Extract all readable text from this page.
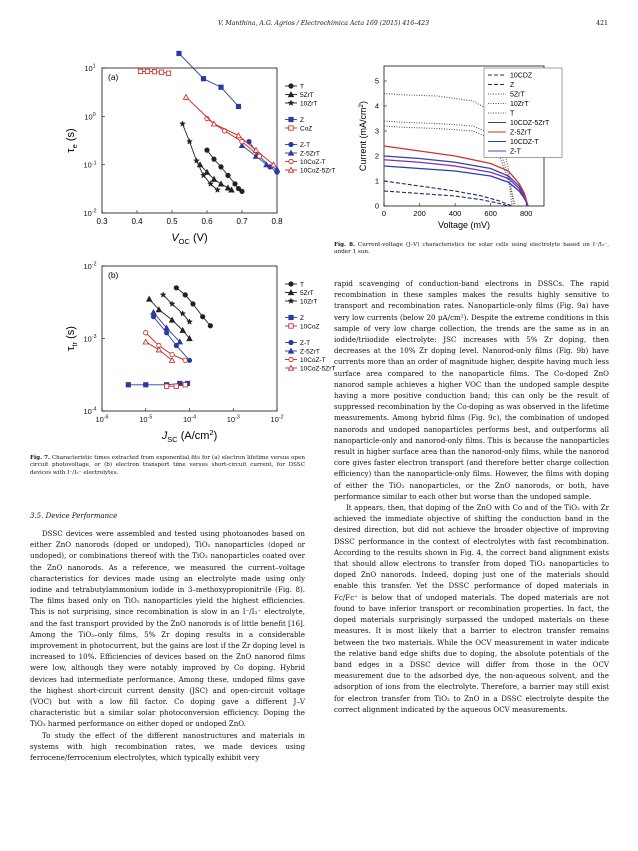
V. Manthina, A.G. Agrios / Electrochimica Acta 169 (2015) 416–423	421
0.3	0.4	0.5	0.6	0.7	0.8
$10^{-2}$
$10^{-1}$
$10^0$
$10^1$
$V_{OC}$ (V)
$\tau_e$ (s)
(a)
T
5ZrT
10ZrT
Z
CoZ
Z-T
Z-5ZrT
10CoZ-T
10CoZ-5ZrT
$10^{-6}$	$10^{-5}$	$10^{-4}$	$10^{-3}$	$10^{-2}$
$10^{-4}$
$10^{-3}$
$10^{-2}$
$J_{SC}$ $(A/cm^2)$
$\tau_{tr}$ (s)
(b)
T
5ZrT
10ZrT
Z
10CoZ
Z-T
Z-5ZrT
10CoZ-T
10CoZ-5ZrT
0	200	400	600	800
0
1
2
3
4
5
Voltage (mV)
Current $(mA/cm^2)$
10CDZ
Z
5ZrT
10ZrT
T
10CDZ-5ZrT
Z-5ZrT
10CDZ-T
Z-T
Fig. 7. Characteristic times extracted from exponential fits for (a) electron lifetime versus open circuit photovoltage, or (b) electron transport time versus short-circuit current, for DSSC devices with I⁻/I₃⁻ electrolytes.
Fig. 8. Current-voltage (J–V) characteristics for solar cells using electrolyte based on I⁻/I₃⁻, under 1 sun.
3.5. Device Performance

DSSC devices were assembled and tested using photoanodes based on either ZnO nanorods (doped or undoped), TiO₂ nanoparticles (doped or undoped), or combinations thereof with the TiO₂ nanoparticles coated over the ZnO nanorods. As a reference, we measured the current–voltage characteristics for devices made using an electrolyte made using only iodine and tetrabutylammonium iodide in 3–methoxypropionitrile (Fig. 8). The films based only on TiO₂ nanoparticles yield the highest efficiencies. This is not surprising, since recombination is slow in an I⁻/I₃⁻ electrolyte, and the fast transport provided by the ZnO nanorods is of little benefit [16]. Among the TiO₂–only films, 5% Zr doping results in a considerable improvement in photocurrent, but the gains are lost if the Zr doping level is increased to 10%. Efficiencies of devices based on the ZnO nanorod films were low, although they were notably improved by Co doping. Hybrid devices had intermediate performance. Among these, undoped films gave the highest short-circuit current density (JSC) and open-circuit voltage (VOC) but with a low fill factor. Co doping gave a different J–V characteristic but a similar solar photoconversion efficiency. Doping the TiO₂ harmed performance on either doped or undoped ZnO.

To study the effect of the different nanostructures and materials in systems with high recombination rates, we made devices using ferrocene/ferrocenium electrolytes, which typically exhibit very

rapid scavenging of conduction-band electrons in DSSCs. The rapid recombination in these samples makes the results highly sensitive to transport and recombination rates. Nanoparticle-only films (Fig. 9a) have very low currents (below 20 µA/cm²). Despite the extreme conditions in this sample of very low charge collection, the trends are the same as in an iodide/triiodide electrolyte: JSC increases with 5% Zr doping, then decreases at the 10% Zr doping level. Nanorod-only films (Fig. 9b) have currents more than an order of magnitude higher, despite having much less surface area compared to the nanoparticle films. The Co-doped ZnO nanorod sample achieves a higher VOC than the undoped sample despite having a more positive conduction band; this can only be the result of suppressed recombination by the Co-doping as was observed in the lifetime measurements. Among hybrid films (Fig. 9c), the combination of undoped nanorods and undoped nanoparticles performs best, and outperforms all nanoparticle-only and nanorod-only films. This is because the nanoparticles result in higher surface area than the nanorod-only films, while the nanorod core gives faster electron transport (and therefore better charge collection efficiency) than the nanoparticle-only films. However, the films with doping of either the TiO₂ nanoparticles, or the ZnO nanorods, or both, have performance similar to each other but worse than the undoped sample.

It appears, then, that doping of the ZnO with Co and of the TiO₂ with Zr achieved the immediate objective of shifting the conduction band in the desired direction, but did not achieve the broader objective of improving DSSC performance in the context of electrolytes with fast recombination. According to the results shown in Fig. 4, the correct band alignment exists that should allow electrons to transfer from doped TiO₂ nanoparticles to doped ZnO nanorods. Indeed, doping just one of the materials should enable this transfer. Yet the DSSC performance of doped materials in Fc/Fc⁺ is below that of undoped materials. The doped materials are not found to have inferior transport or recombination properties. In fact, the doped materials surprisingly surpassed the undoped materials on these measures. It is most likely that a barrier to electron transfer remains between the two materials. While the OCV measurement in water indicate the relative band edge shifts due to doping, the absolute potentials of the band edges in a DSSC device will differ from those in the OCV measurement due to the adsorbed dye, the non-aqueous solvent, and the adsorption of ions from the electrolyte. Therefore, a barrier may still exist for electron transfer from TiO₂ to ZnO in a DSSC electrolyte despite the correct alignment indicated by the aqueous OCV measurements.
